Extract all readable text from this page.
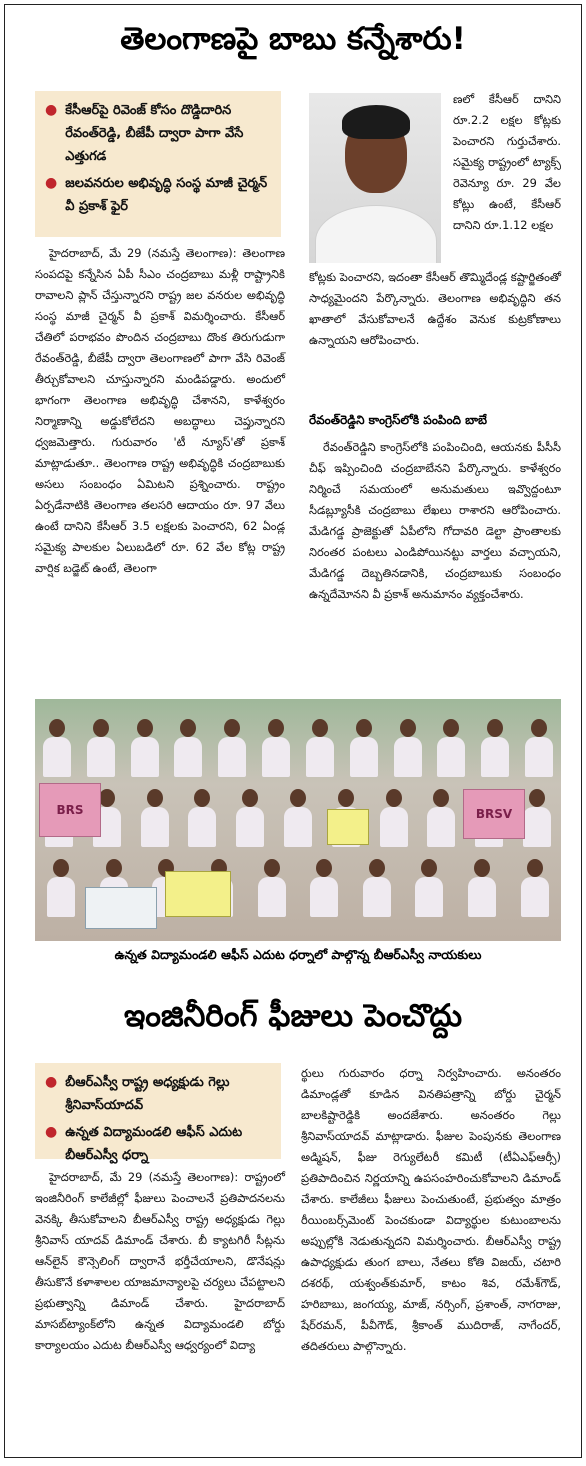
తెలంగాణపై బాబు కన్నేశారు!
● కేసీఆర్‌పై రివెంజ్ కోసం దొడ్డిదారిన రేవంత్‌రెడ్డి, బీజేపీ ద్వారా పాగా వేసే ఎత్తుగడ
● జలవనరుల అభివృద్ధి సంస్థ మాజీ చైర్మన్ వీ ప్రకాశ్ ఫైర్

హైదరాబాద్, మే 29 (నమస్తే తెలంగాణ): తెలంగాణ సంపదపై కన్నేసిన ఏపీ సీఎం చంద్రబాబు మళ్లీ రాష్ట్రానికి రావాలని ప్లాన్ చేస్తున్నారని రాష్ట్ర జల వనరుల అభివృద్ధి సంస్థ మాజీ చైర్మన్ వీ ప్రకాశ్ విమర్శించారు. కేసీఆర్ చేతిలో పరాభవం పొందిన చంద్రబాబు దొంక తిరుగుడుగా రేవంత్‌రెడ్డి, బీజేపీ ద్వారా తెలంగాణలో పాగా వేసి రివెంజ్ తీర్చుకోవాలని చూస్తున్నారని మండిపడ్డారు. అందులో భాగంగా తెలంగాణ అభివృద్ధి చేశానని, కాళేశ్వరం నిర్మాణాన్ని అడ్డుకోలేదని అబద్ధాలు చెప్తున్నారని ధ్వజమెత్తారు. గురువారం 'టీ న్యూస్'తో ప్రకాశ్ మాట్లాడుతూ.. తెలంగాణ రాష్ట్ర అభివృద్ధికి చంద్రబాబుకు అసలు సంబంధం ఏమిటని ప్రశ్నించారు. రాష్ట్రం ఏర్పడేనాటికి తెలంగాణ తలసరి ఆదాయం రూ. 97 వేలు ఉంటే దానిని కేసీఆర్ 3.5 లక్షలకు పెంచారని, 62 ఏండ్ల సమైక్య పాలకుల ఏలుబడిలో రూ. 62 వేల కోట్ల రాష్ట్ర వార్షిక బడ్జెట్ ఉంటే, తెలంగా

ణలో కేసీఆర్ దానిని రూ.2.2 లక్షల కోట్లకు పెంచారని గుర్తుచేశారు. సమైక్య రాష్ట్రంలో ట్యాక్స్ రెవెన్యూ రూ. 29 వేల కోట్లు ఉంటే, కేసీఆర్ దానిని రూ.1.12 లక్షల

కోట్లకు పెంచారని, ఇదంతా కేసీఆర్ తొమ్మిదేండ్ల కష్టార్జితంతో సాధ్యమైందని పేర్కొన్నారు. తెలంగాణ అభివృద్ధిని తన ఖాతాలో వేసుకోవాలనే ఉద్దేశం వెనుక కుట్రకోణాలు ఉన్నాయని ఆరోపించారు.

రేవంత్‌రెడ్డిని కాంగ్రెస్‌లోకి పంపింది బాబే

రేవంత్‌రెడ్డిని కాంగ్రెస్‌లోకి పంపించింది, ఆయనకు పీసీసీ చీఫ్ ఇప్పించింది చంద్రబాబేనని పేర్కొన్నారు. కాళేశ్వరం నిర్మించే సమయంలో అనుమతులు ఇవ్వొద్దంటూ సీడబ్ల్యూసీకి చంద్రబాబు లేఖలు రాశారని ఆరోపించారు. మేడిగడ్డ ప్రాజెక్టుతో ఏపీలోని గోదావరి డెల్టా ప్రాంతాలకు నిరంతర పంటలు ఎండిపోయినట్టు వార్తలు వచ్చాయని, మేడిగడ్డ దెబ్బతినడానికి, చంద్రబాబుకు సంబంధం ఉన్నదేమోనని వీ ప్రకాశ్ అనుమానం వ్యక్తంచేశారు.

BRS	BRSV
ఉన్నత విద్యామండలి ఆఫీస్ ఎదుట ధర్నాలో పాల్గొన్న బీఆర్‌ఎస్వీ నాయకులు
ఇంజినీరింగ్ ఫీజులు పెంచొద్దు
● బీఆర్‌ఎస్వీ రాష్ట్ర అధ్యక్షుడు గెల్లు శ్రీనివాస్‌యాదవ్
● ఉన్నత విద్యామండలి ఆఫీస్ ఎదుట బీఆర్‌ఎస్వీ ధర్నా

హైదరాబాద్, మే 29 (నమస్తే తెలంగాణ): రాష్ట్రంలో ఇంజినీరింగ్ కాలేజీల్లో ఫీజులు పెంచాలనే ప్రతిపాదనలను వెనక్కి తీసుకోవాలని బీఆర్‌ఎస్వీ రాష్ట్ర అధ్యక్షుడు గెల్లు శ్రీనివాస్ యాదవ్ డిమాండ్ చేశారు. బీ క్యాటగిరీ సీట్లను ఆన్‌లైన్ కౌన్సెలింగ్ ద్వారానే భర్తీచేయాలని, డొనేషన్లు తీసుకొనే కళాశాలల యాజమాన్యాలపై చర్యలు చేపట్టాలని ప్రభుత్వాన్ని డిమాండ్ చేశారు. హైదరాబాద్ మాసబ్‌ట్యాంక్‌లోని ఉన్నత విద్యామండలి బోర్డు కార్యాలయం ఎదుట బీఆర్‌ఎస్వీ ఆధ్వర్యంలో విద్యా

ర్థులు గురువారం ధర్నా నిర్వహించారు. అనంతరం డిమాండ్లతో కూడిన వినతిపత్రాన్ని బోర్డు చైర్మన్ బాలకిష్టారెడ్డికి అందజేశారు. అనంతరం గెల్లు శ్రీనివాస్‌యాదవ్ మాట్లాడారు. ఫీజుల పెంపునకు తెలంగాణ అడ్మిషన్, ఫీజు రెగ్యులేటరీ కమిటీ (టీఏఎఫ్‌ఆర్సీ) ప్రతిపాదించిన నిర్ణయాన్ని ఉపసంహరించుకోవాలని డిమాండ్ చేశారు. కాలేజీలు ఫీజులు పెంచుతుంటే, ప్రభుత్వం మాత్రం రీయింబర్స్‌మెంట్ పెంచకుండా విద్యార్థుల కుటుంబాలను అప్పుల్లోకి నెడుతున్నదని విమర్శించారు. బీఆర్‌ఎస్వీ రాష్ట్ర ఉపాధ్యక్షుడు తుంగ బాలు, నేతలు కోతి విజయ్, చటారి దశరథ్, యశ్వంత్‌కుమార్, కాటం శివ, రమేశ్‌గౌడ్, హరిబాబు, జంగయ్య, మాజ్, నర్సింగ్, ప్రశాంత్, నాగరాజు, షేర్‌రమన్, పీవీగౌడ్, శ్రీకాంత్ ముదిరాజ్, నాగేందర్, తదితరులు పాల్గొన్నారు.
